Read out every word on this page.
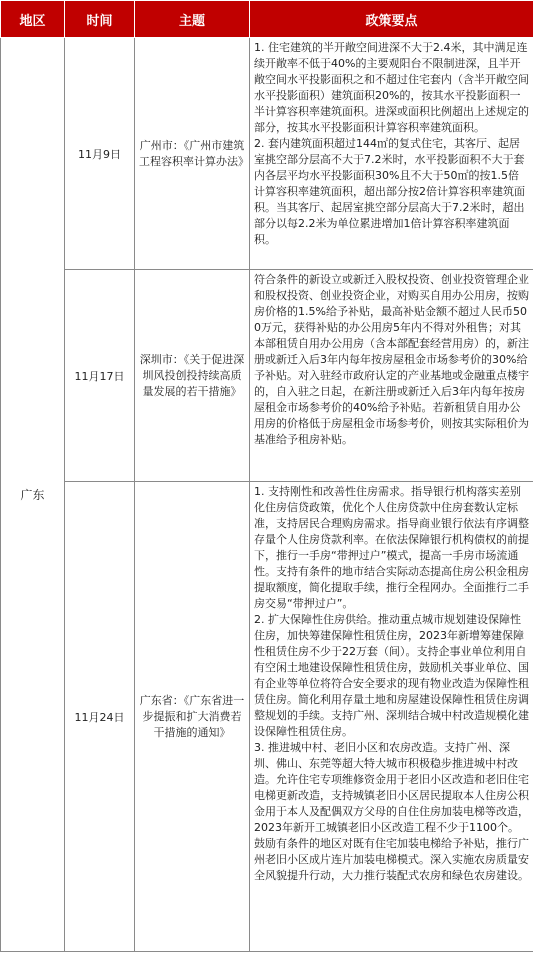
地区	时间	主题	政策要点
广东	11月9日	广州市：《广州市建筑工程容积率计算办法》	1. 住宅建筑的半开敞空间进深不大于2.4米，其中满足连续开敞率不低于40%的主要观阳台不限制进深，且半开敞空间水平投影面积之和不超过住宅套内（含半开敞空间水平投影面积）建筑面积20%的，按其水平投影面积一半计算容积率建筑面积。进深或面积比例超出上述规定的部分，按其水平投影面积计算容积率建筑面积。
2. 套内建筑面积超过144㎡的复式住宅，其客厅、起居室挑空部分层高不大于7.2米时，水平投影面积不大于套内各层平均水平投影面积30%且不大于50㎡的按1.5倍计算容积率建筑面积，超出部分按2倍计算容积率建筑面积。当其客厅、起居室挑空部分层高大于7.2米时，超出部分以每2.2米为单位累进增加1倍计算容积率建筑面积。

	11月17日	深圳市：《关于促进深圳风投创投持续高质量发展的若干措施》	符合条件的新设立或新迁入股权投资、创业投资管理企业和股权投资、创业投资企业，对购买自用办公用房，按购房价格的1.5%给予补贴，最高补贴金额不超过人民币500万元，获得补贴的办公用房5年内不得对外租售；对其本部租赁自用办公用房（含本部配套经营用房）的，新注册或新迁入后3年内每年按房屋租金市场参考价的30%给予补贴。对入驻经市政府认定的产业基地或金融重点楼宇的，自入驻之日起，在新注册或新迁入后3年内每年按房屋租金市场参考价的40%给予补贴。若新租赁自用办公用房的价格低于房屋租金市场参考价，则按其实际租价为基准给予租房补贴。

	11月24日	广东省：《广东省进一步提振和扩大消费若干措施的通知》	1. 支持刚性和改善性住房需求。指导银行机构落实差别化住房信贷政策，优化个人住房贷款中住房套数认定标准，支持居民合理购房需求。指导商业银行依法有序调整存量个人住房贷款利率。在依法保障银行机构债权的前提下，推行一手房“带押过户”模式，提高一手房市场流通性。支持有条件的地市结合实际动态提高住房公积金租房提取额度，简化提取手续，推行全程网办。全面推行二手房交易“带押过户”。
2. 扩大保障性住房供给。推动重点城市规划建设保障性住房，加快筹建保障性租赁住房，2023年新增筹建保障性租赁住房不少于22万套（间）。支持企事业单位利用自有空闲土地建设保障性租赁住房，鼓励机关事业单位、国有企业等单位将符合安全要求的现有物业改造为保障性租赁住房。简化利用存量土地和房屋建设保障性租赁住房调整规划的手续。支持广州、深圳结合城中村改造规模化建设保障性租赁住房。
3. 推进城中村、老旧小区和农房改造。支持广州、深圳、佛山、东莞等超大特大城市积极稳步推进城中村改造。允许住宅专项维修资金用于老旧小区改造和老旧住宅电梯更新改造，支持城镇老旧小区居民提取本人住房公积金用于本人及配偶双方父母的自住住房加装电梯等改造，2023年新开工城镇老旧小区改造工程不少于1100个。鼓励有条件的地区对既有住宅加装电梯给予补贴，推行广州老旧小区成片连片加装电梯模式。深入实施农房质量安全风貌提升行动，大力推行装配式农房和绿色农房建设。
